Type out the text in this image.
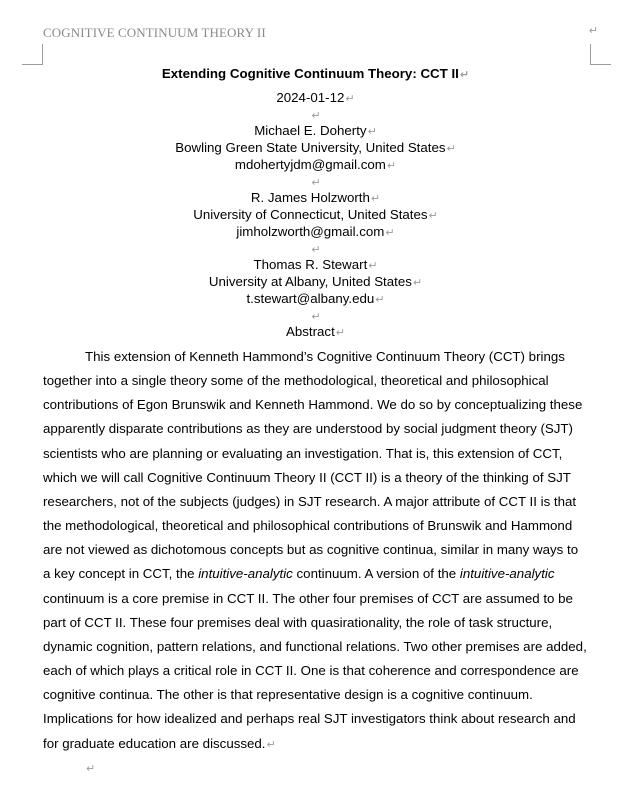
COGNITIVE CONTINUUM THEORY II	↵

Extending Cognitive Continuum Theory: CCT II↵

2024-01-12↵

↵

Michael E. Doherty↵

Bowling Green State University, United States↵

mdohertyjdm@gmail.com↵

↵

R. James Holzworth↵

University of Connecticut, United States↵

jimholzworth@gmail.com↵

↵

Thomas R. Stewart↵

University at Albany, United States↵

t.stewart@albany.edu↵

↵

Abstract↵

This extension of Kenneth Hammond’s Cognitive Continuum Theory (CCT) brings together into a single theory some of the methodological, theoretical and philosophical contributions of Egon Brunswik and Kenneth Hammond. We do so by conceptualizing these apparently disparate contributions as they are understood by social judgment theory (SJT) scientists who are planning or evaluating an investigation. That is, this extension of CCT, which we will call Cognitive Continuum Theory II (CCT II) is a theory of the thinking of SJT researchers, not of the subjects (judges) in SJT research. A major attribute of CCT II is that the methodological, theoretical and philosophical contributions of Brunswik and Hammond are not viewed as dichotomous concepts but as cognitive continua, similar in many ways to a key concept in CCT, the intuitive-analytic continuum. A version of the intuitive-analytic continuum is a core premise in CCT II. The other four premises of CCT are assumed to be part of CCT II. These four premises deal with quasirationality, the role of task structure, dynamic cognition, pattern relations, and functional relations. Two other premises are added, each of which plays a critical role in CCT II. One is that coherence and correspondence are cognitive continua. The other is that representative design is a cognitive continuum. Implications for how idealized and perhaps real SJT investigators think about research and for graduate education are discussed.↵

↵
